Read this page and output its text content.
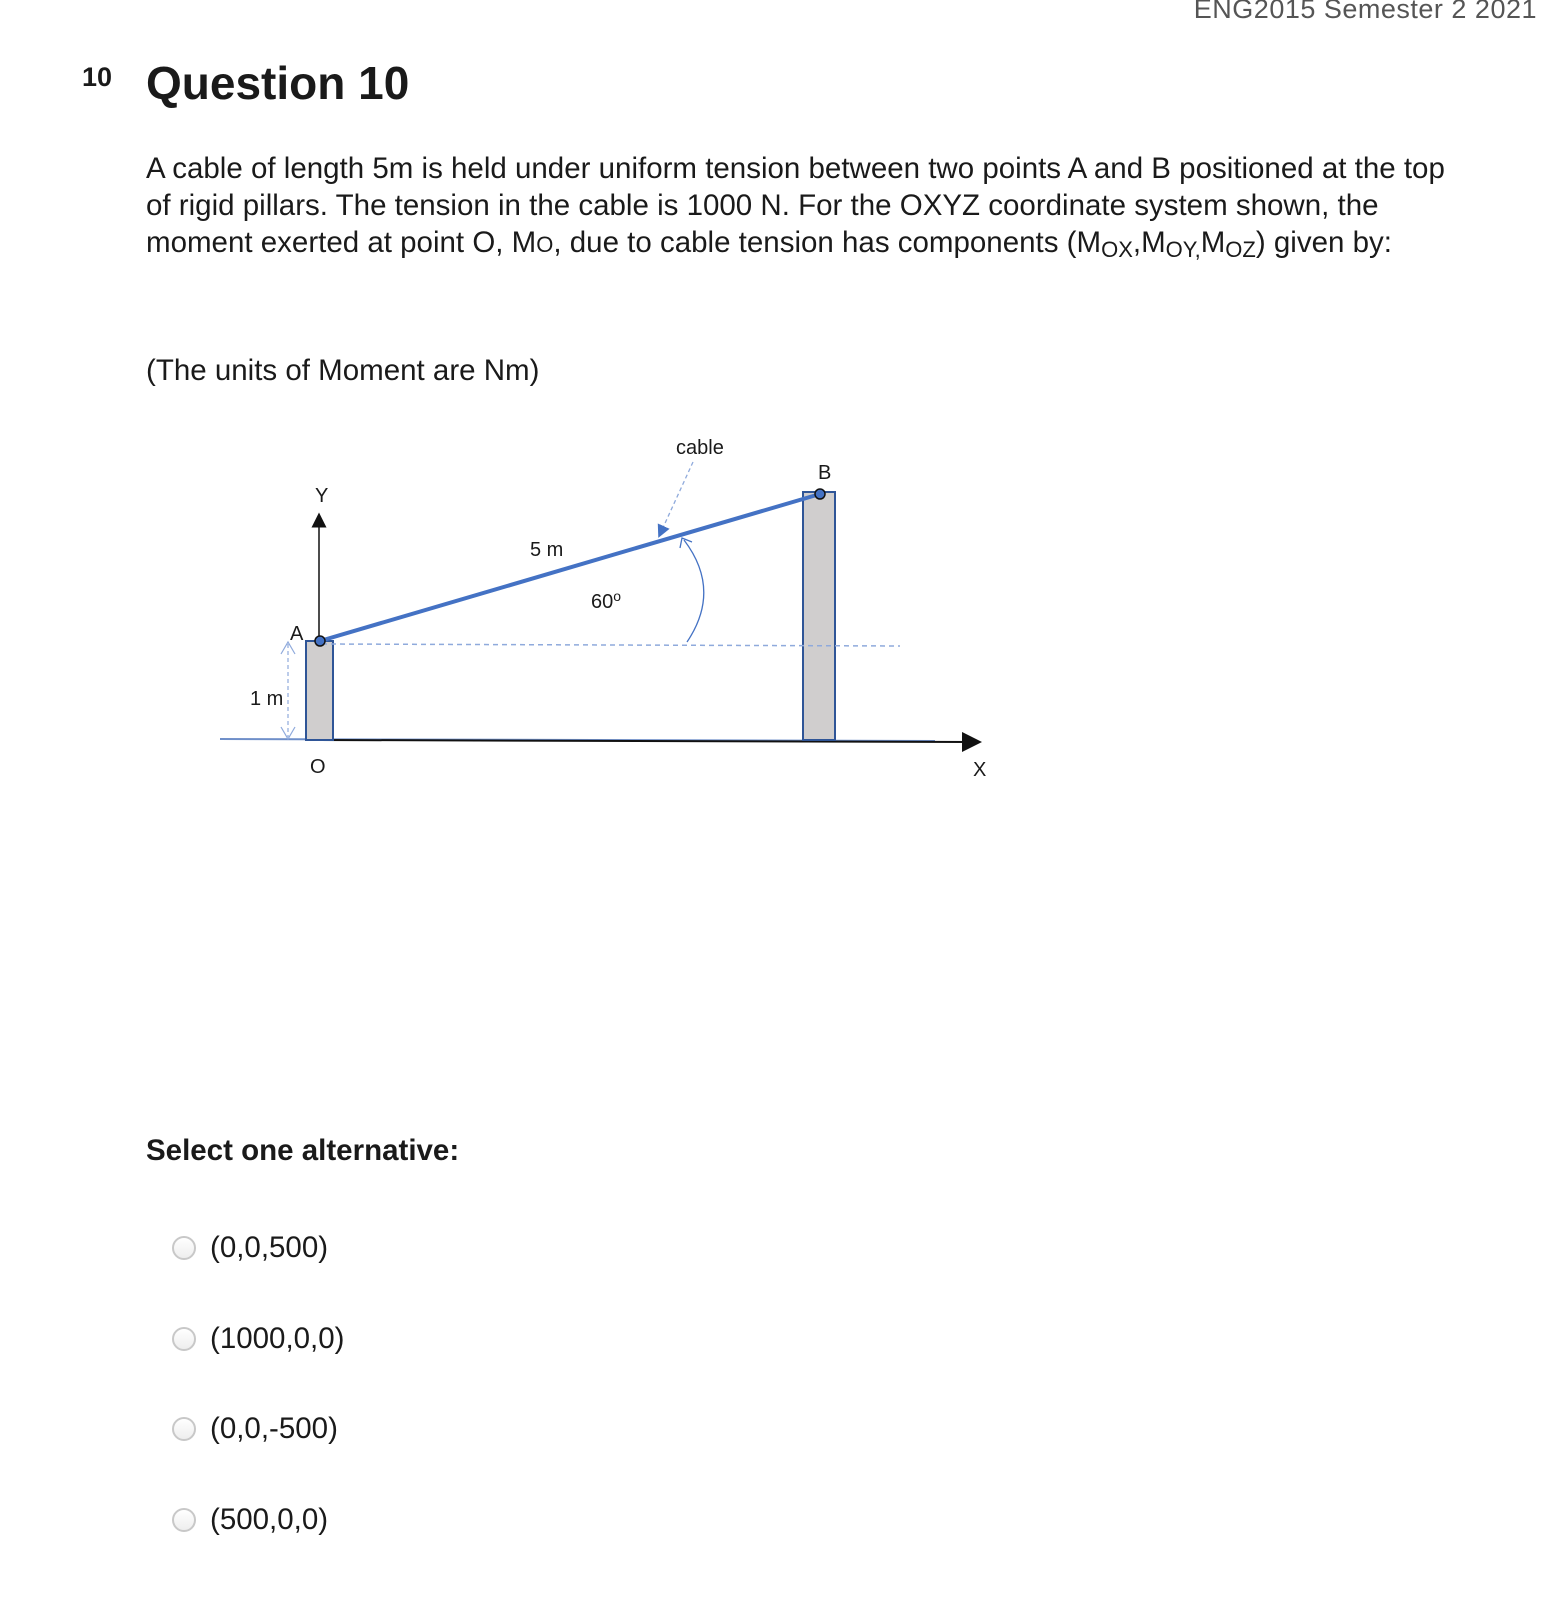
ENG2015 Semester 2 2021
10 Question 10
A cable of length 5m is held under uniform tension between two points A and B positioned at the top of rigid pillars. The tension in the cable is 1000 N. For the OXYZ coordinate system shown, the moment exerted at point O, MO, due to cable tension has components $(M_{OX},M_{OY,}M_{OZ})$ given by:
(The units of Moment are Nm)
cable
B
Y
5 m
60$^o$
A
1 m
O	X
Select one alternative:
(0,0,500)
(1000,0,0)
(0,0,-500)
(500,0,0)
